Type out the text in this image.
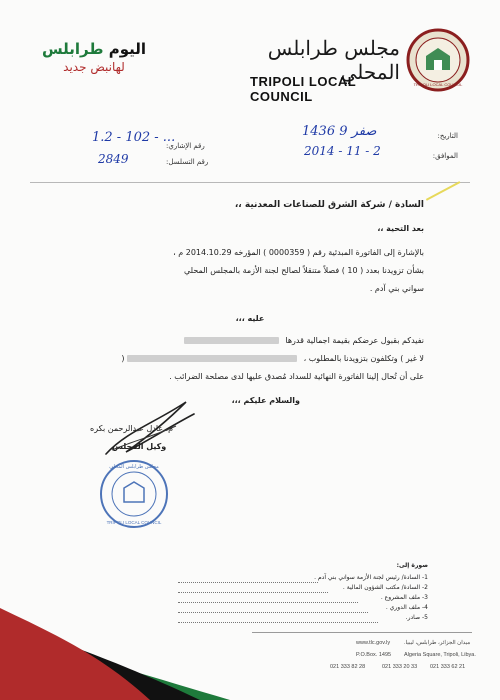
اليوم طرابلس
لهانبض جديد
مجلس طرابلس المحلي
TRIPOLI LOCAL COUNCIL
TRIPOLI LOCAL COUNCIL
1.2 - 102 - ...
رقم الإشاري:
2849	رقم التسلسل:
1436 صفر 9	التاريخ:
2014 - 11 - 2	الموافق:
السادة / شركة الشرق للصناعات المعدنية ،،
بعد التحية ،،
بالإشارة إلى الفاتورة المبدئية رقم ( 0000359 ) المؤرخه 2014.10.29 م ،
بشأن تزويدنا بعدد ( 10 ) فصلاً متنقلاً لصالح لجنة الأزمة بالمجلس المحلي
سواني بني آدم .
عليه ،،،
نفيدكم بقبول عرضكم بقيمة اجمالية قدرها
لا غير ) وتكلفون بتزويدنا بالمطلوب ،  (
على أن تُحال إلينا الفاتورة النهائية للسداد مُصدق عليها لدى مصلحة الضرائب .
والسلام عليكم ،،،
م. عادل عبدالرحمن بكره
وكيل المجلس
مجلس طرابلس المحلي
TRIPOLI LOCAL COUNCIL
صورة إلى:
1- السادة/ رئيس لجنة الأزمة سواني بني آدم .
2- السادة/ مكتب الشؤون المالية .
3- ملف المشروع .
4- ملف الدوري .
5- صادر.
www.tlc.gov.ly	ميدان الجزائر، طرابلس، ليبيا.
P.O.Box. 1495 Algeria Square, Tripoli, Libya.
021 333 82 28	021 333 20 33 021 333 62 21
